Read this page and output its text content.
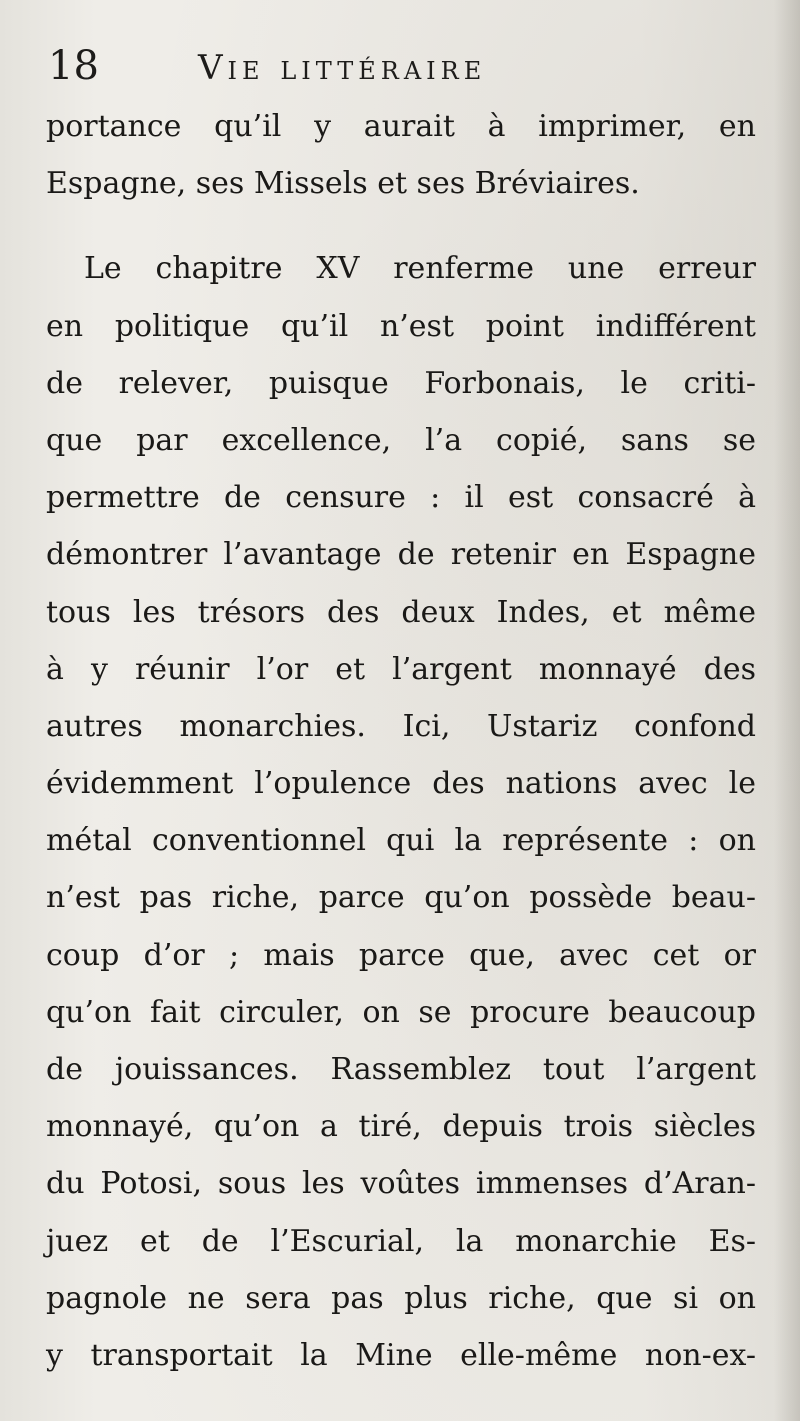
18	Vie littéraire
portance qu’il y aurait à imprimer, en
Espagne, ses Missels et ses Bréviaires.
Le chapitre XV renferme une erreur
en politique qu’il n’est point indifférent
de relever, puisque Forbonais, le criti-
que par excellence, l’a copié, sans se
permettre de censure : il est consacré à
démontrer l’avantage de retenir en Espagne
tous les trésors des deux Indes, et même
à y réunir l’or et l’argent monnayé des
autres monarchies. Ici, Ustariz confond
évidemment l’opulence des nations avec le
métal conventionnel qui la représente : on
n’est pas riche, parce qu’on possède beau-
coup d’or ; mais parce que, avec cet or
qu’on fait circuler, on se procure beaucoup
de jouissances. Rassemblez tout l’argent
monnayé, qu’on a tiré, depuis trois siècles
du Potosi, sous les voûtes immenses d’Aran-
juez et de l’Escurial, la monarchie Es-
pagnole ne sera pas plus riche, que si on
y transportait la Mine elle-même non-ex-
